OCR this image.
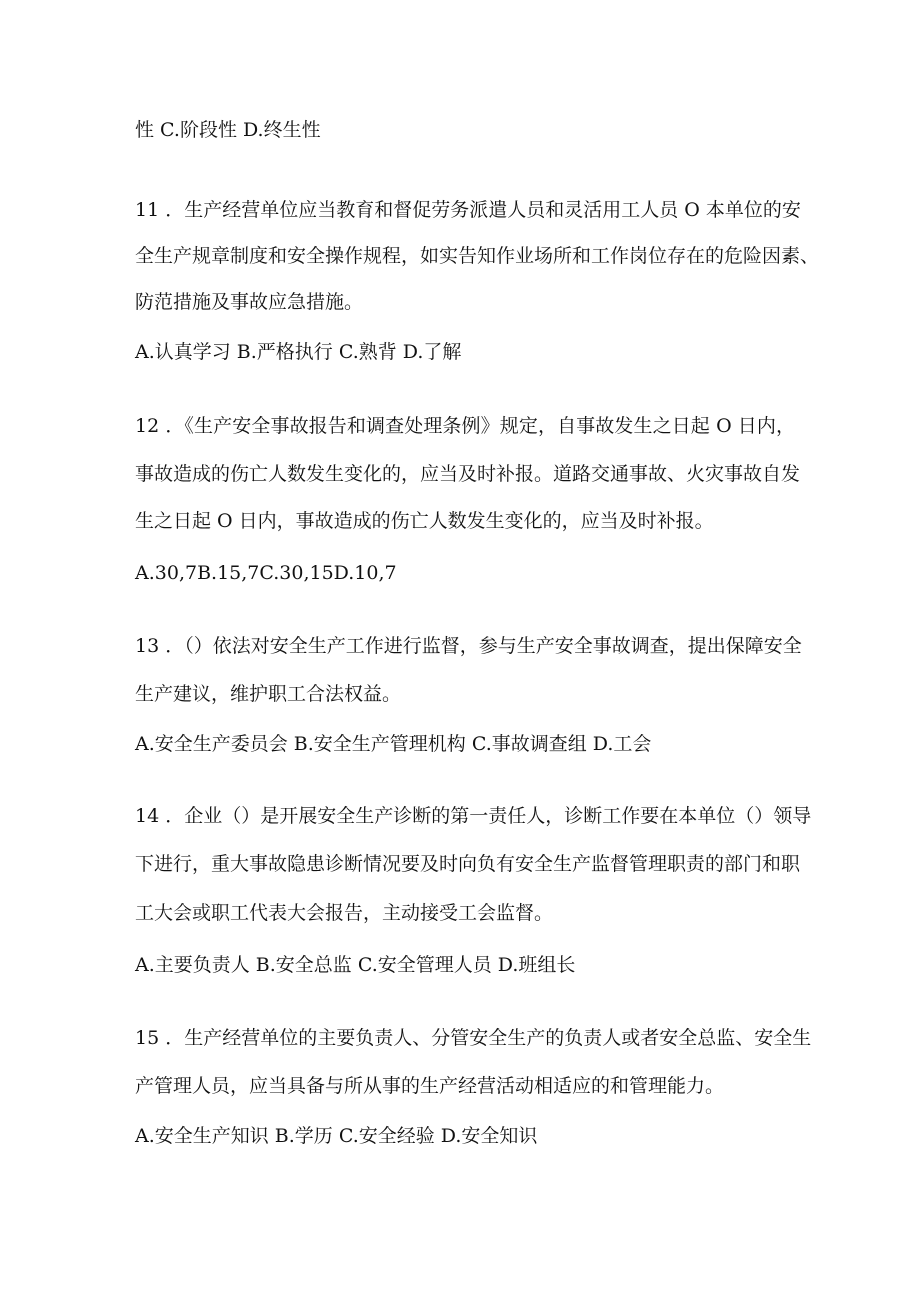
性 C.阶段性 D.终生性
11 ．生产经营单位应当教育和督促劳务派遣人员和灵活用工人员 O 本单位的安
全生产规章制度和安全操作规程，如实告知作业场所和工作岗位存在的危险因素、
防范措施及事故应急措施。
A.认真学习 B.严格执行 C.熟背 D.了解
12 ．《生产安全事故报告和调查处理条例》规定，自事故发生之日起 O 日内，
事故造成的伤亡人数发生变化的，应当及时补报。道路交通事故、火灾事故自发
生之日起 O 日内，事故造成的伤亡人数发生变化的，应当及时补报。
A.30,7B.15,7C.30,15D.10,7
13 ．（）依法对安全生产工作进行监督，参与生产安全事故调查，提出保障安全
生产建议，维护职工合法权益。
A.安全生产委员会 B.安全生产管理机构 C.事故调查组 D.工会
14 ．企业（）是开展安全生产诊断的第一责任人，诊断工作要在本单位（）领导
下进行，重大事故隐患诊断情况要及时向负有安全生产监督管理职责的部门和职
工大会或职工代表大会报告，主动接受工会监督。
A.主要负责人 B.安全总监 C.安全管理人员 D.班组长
15 ．生产经营单位的主要负责人、分管安全生产的负责人或者安全总监、安全生
产管理人员，应当具备与所从事的生产经营活动相适应的和管理能力。
A.安全生产知识 B.学历 C.安全经验 D.安全知识
